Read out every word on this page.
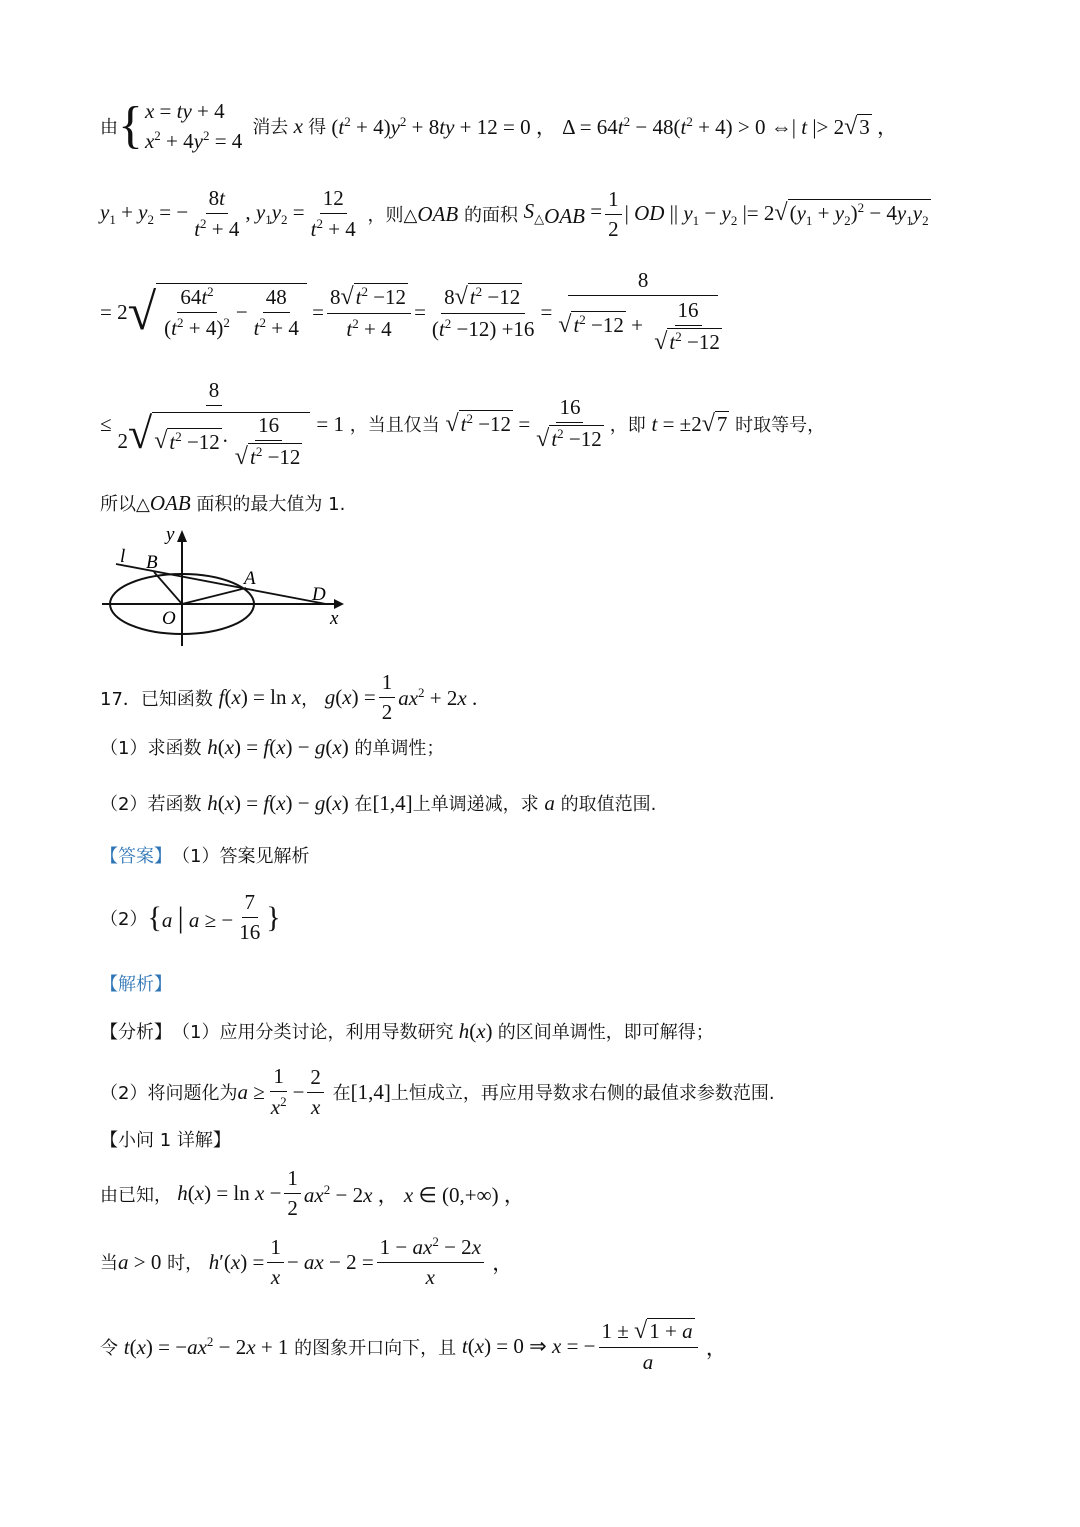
由 { x = ty + 4
$x^2 + 4y^2 = 4$
消去 x 得 $(t^2 + 4)y^2 + 8ty + 12 = 0$ ， $\Delta = 64t^2 - 48(t^2 + 4) > 0$ ⇔| t |> 2√3 ，
$y_1 + y_2$ = − $\frac{8t}{t^2 + 4}$ , $y_1y_2 = \frac{12}{t^2 + 4}$ ，则△OAB 的面积 $S_{\triangle OAB} = \frac{1}{2}$ | OD || $y_1 - y_2$ |= $2√(y_1 + y_2)^2 - 4y_1y_2$
= 2 √ $\frac{64t^2}{(t^2 + 4)^2} - \frac{48}{t^2 + 4} = \frac{8√t^2 -12}{t^2 + 4} = \frac{8√t^2 -12}{(t^2 -12) +16} = \frac{8}{√t^2 -12 + \frac{16}{√t^2 -12}}$
≤ $\frac{8}{2√ √ t^2 -12 \cdot \frac{16}{√t^2 -12}} = 1$ ，当且仅当 $√t^2 -12 = \frac{16}{√t^2 -12}$ ，即 t = ±2√7 时取等号，
所以△ OAB 面积的最大值为 1.
l B
y
A
O
D
x
17．已知函数 f(x) = ln x ， $g(x) = \frac{1}{2} ax^2 + 2x$ .
（1）求函数 h(x) = f(x) − g(x) 的单调性；
（2）若函数 h(x) = f(x) − g(x) 在 [1,4] 上单调递减，求 a 的取值范围.
【答案】 （1）答案见解析
（2） { a | a ≥ − $\frac{7}{16}$ }
【解析】
【分析】 （1）应用分类讨论，利用导数研究 h(x) 的区间单调性，即可解得；
（2）将问题化为 $a \ge \frac{1}{x^2} - \frac{2}{x}$ 在 [1,4] 上恒成立，再应用导数求右侧的最值求参数范围.
【小问 1 详解】
由已知， $h(x) = \ln x - \frac{1}{2} ax^2 - 2x$ ， x ∈ (0,+∞) ，
当 a > 0 时， $h'(x) = \frac{1}{x}$ − ax − $2 = \frac{1 - ax^2 - 2x}{x}$ ，
令 $t(x) = -ax^2 - 2x + 1$ 的图象开口向下，且 t(x) = 0 ⇒ x = − $\frac{1 \pm √1 + a}{a}$ ，
